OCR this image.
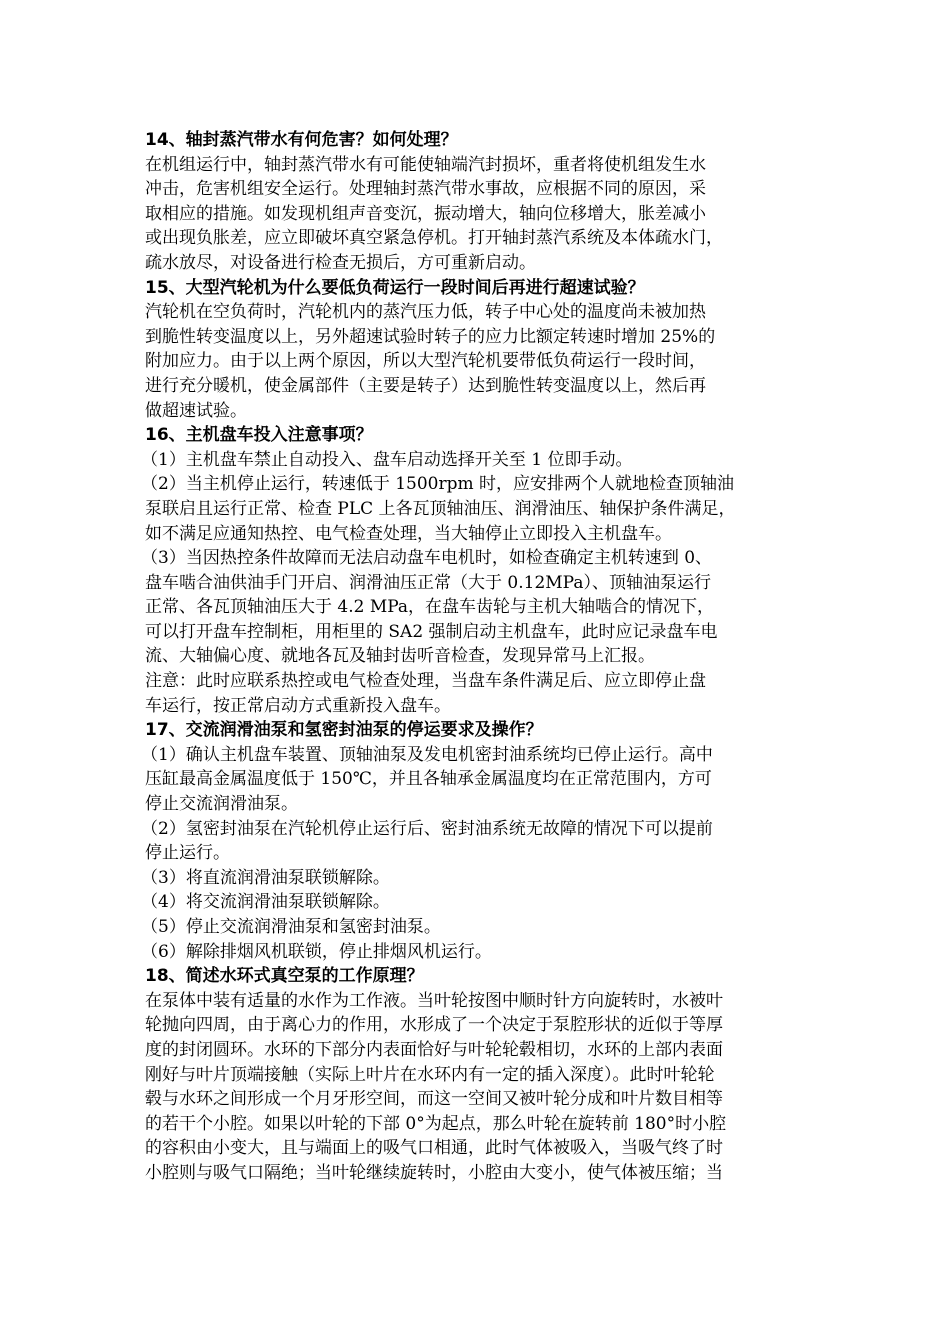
14、轴封蒸汽带水有何危害？如何处理？

在机组运行中，轴封蒸汽带水有可能使轴端汽封损坏，重者将使机组发生水

冲击，危害机组安全运行。处理轴封蒸汽带水事故，应根据不同的原因，采

取相应的措施。如发现机组声音变沉，振动增大，轴向位移增大，胀差减小

或出现负胀差，应立即破坏真空紧急停机。打开轴封蒸汽系统及本体疏水门，

疏水放尽，对设备进行检查无损后，方可重新启动。

15、大型汽轮机为什么要低负荷运行一段时间后再进行超速试验？

汽轮机在空负荷时，汽轮机内的蒸汽压力低，转子中心处的温度尚未被加热

到脆性转变温度以上，另外超速试验时转子的应力比额定转速时增加 25%的

附加应力。由于以上两个原因，所以大型汽轮机要带低负荷运行一段时间，

进行充分暖机，使金属部件（主要是转子）达到脆性转变温度以上，然后再

做超速试验。

16、主机盘车投入注意事项？

（1）主机盘车禁止自动投入、盘车启动选择开关至 1 位即手动。

（2）当主机停止运行，转速低于 1500rpm 时，应安排两个人就地检查顶轴油

泵联启且运行正常、检查 PLC 上各瓦顶轴油压、润滑油压、轴保护条件满足，

如不满足应通知热控、电气检查处理，当大轴停止立即投入主机盘车。

（3）当因热控条件故障而无法启动盘车电机时，如检查确定主机转速到 0、

盘车啮合油供油手门开启、润滑油压正常（大于 0.12MPa）、顶轴油泵运行

正常、各瓦顶轴油压大于 4.2 MPa，在盘车齿轮与主机大轴啮合的情况下，

可以打开盘车控制柜，用柜里的 SA2 强制启动主机盘车，此时应记录盘车电

流、大轴偏心度、就地各瓦及轴封齿听音检查，发现异常马上汇报。

注意：此时应联系热控或电气检查处理，当盘车条件满足后、应立即停止盘

车运行，按正常启动方式重新投入盘车。

17、交流润滑油泵和氢密封油泵的停运要求及操作？

（1）确认主机盘车装置、顶轴油泵及发电机密封油系统均已停止运行。高中

压缸最高金属温度低于 150℃，并且各轴承金属温度均在正常范围内，方可

停止交流润滑油泵。

（2）氢密封油泵在汽轮机停止运行后、密封油系统无故障的情况下可以提前

停止运行。

（3）将直流润滑油泵联锁解除。

（4）将交流润滑油泵联锁解除。

（5）停止交流润滑油泵和氢密封油泵。

（6）解除排烟风机联锁，停止排烟风机运行。

18、简述水环式真空泵的工作原理？

在泵体中装有适量的水作为工作液。当叶轮按图中顺时针方向旋转时，水被叶

轮抛向四周，由于离心力的作用，水形成了一个决定于泵腔形状的近似于等厚

度的封闭圆环。水环的下部分内表面恰好与叶轮轮毂相切，水环的上部内表面

刚好与叶片顶端接触（实际上叶片在水环内有一定的插入深度）。此时叶轮轮

毂与水环之间形成一个月牙形空间，而这一空间又被叶轮分成和叶片数目相等

的若干个小腔。如果以叶轮的下部 0°为起点，那么叶轮在旋转前 180°时小腔

的容积由小变大，且与端面上的吸气口相通，此时气体被吸入，当吸气终了时

小腔则与吸气口隔绝；当叶轮继续旋转时，小腔由大变小，使气体被压缩；当
